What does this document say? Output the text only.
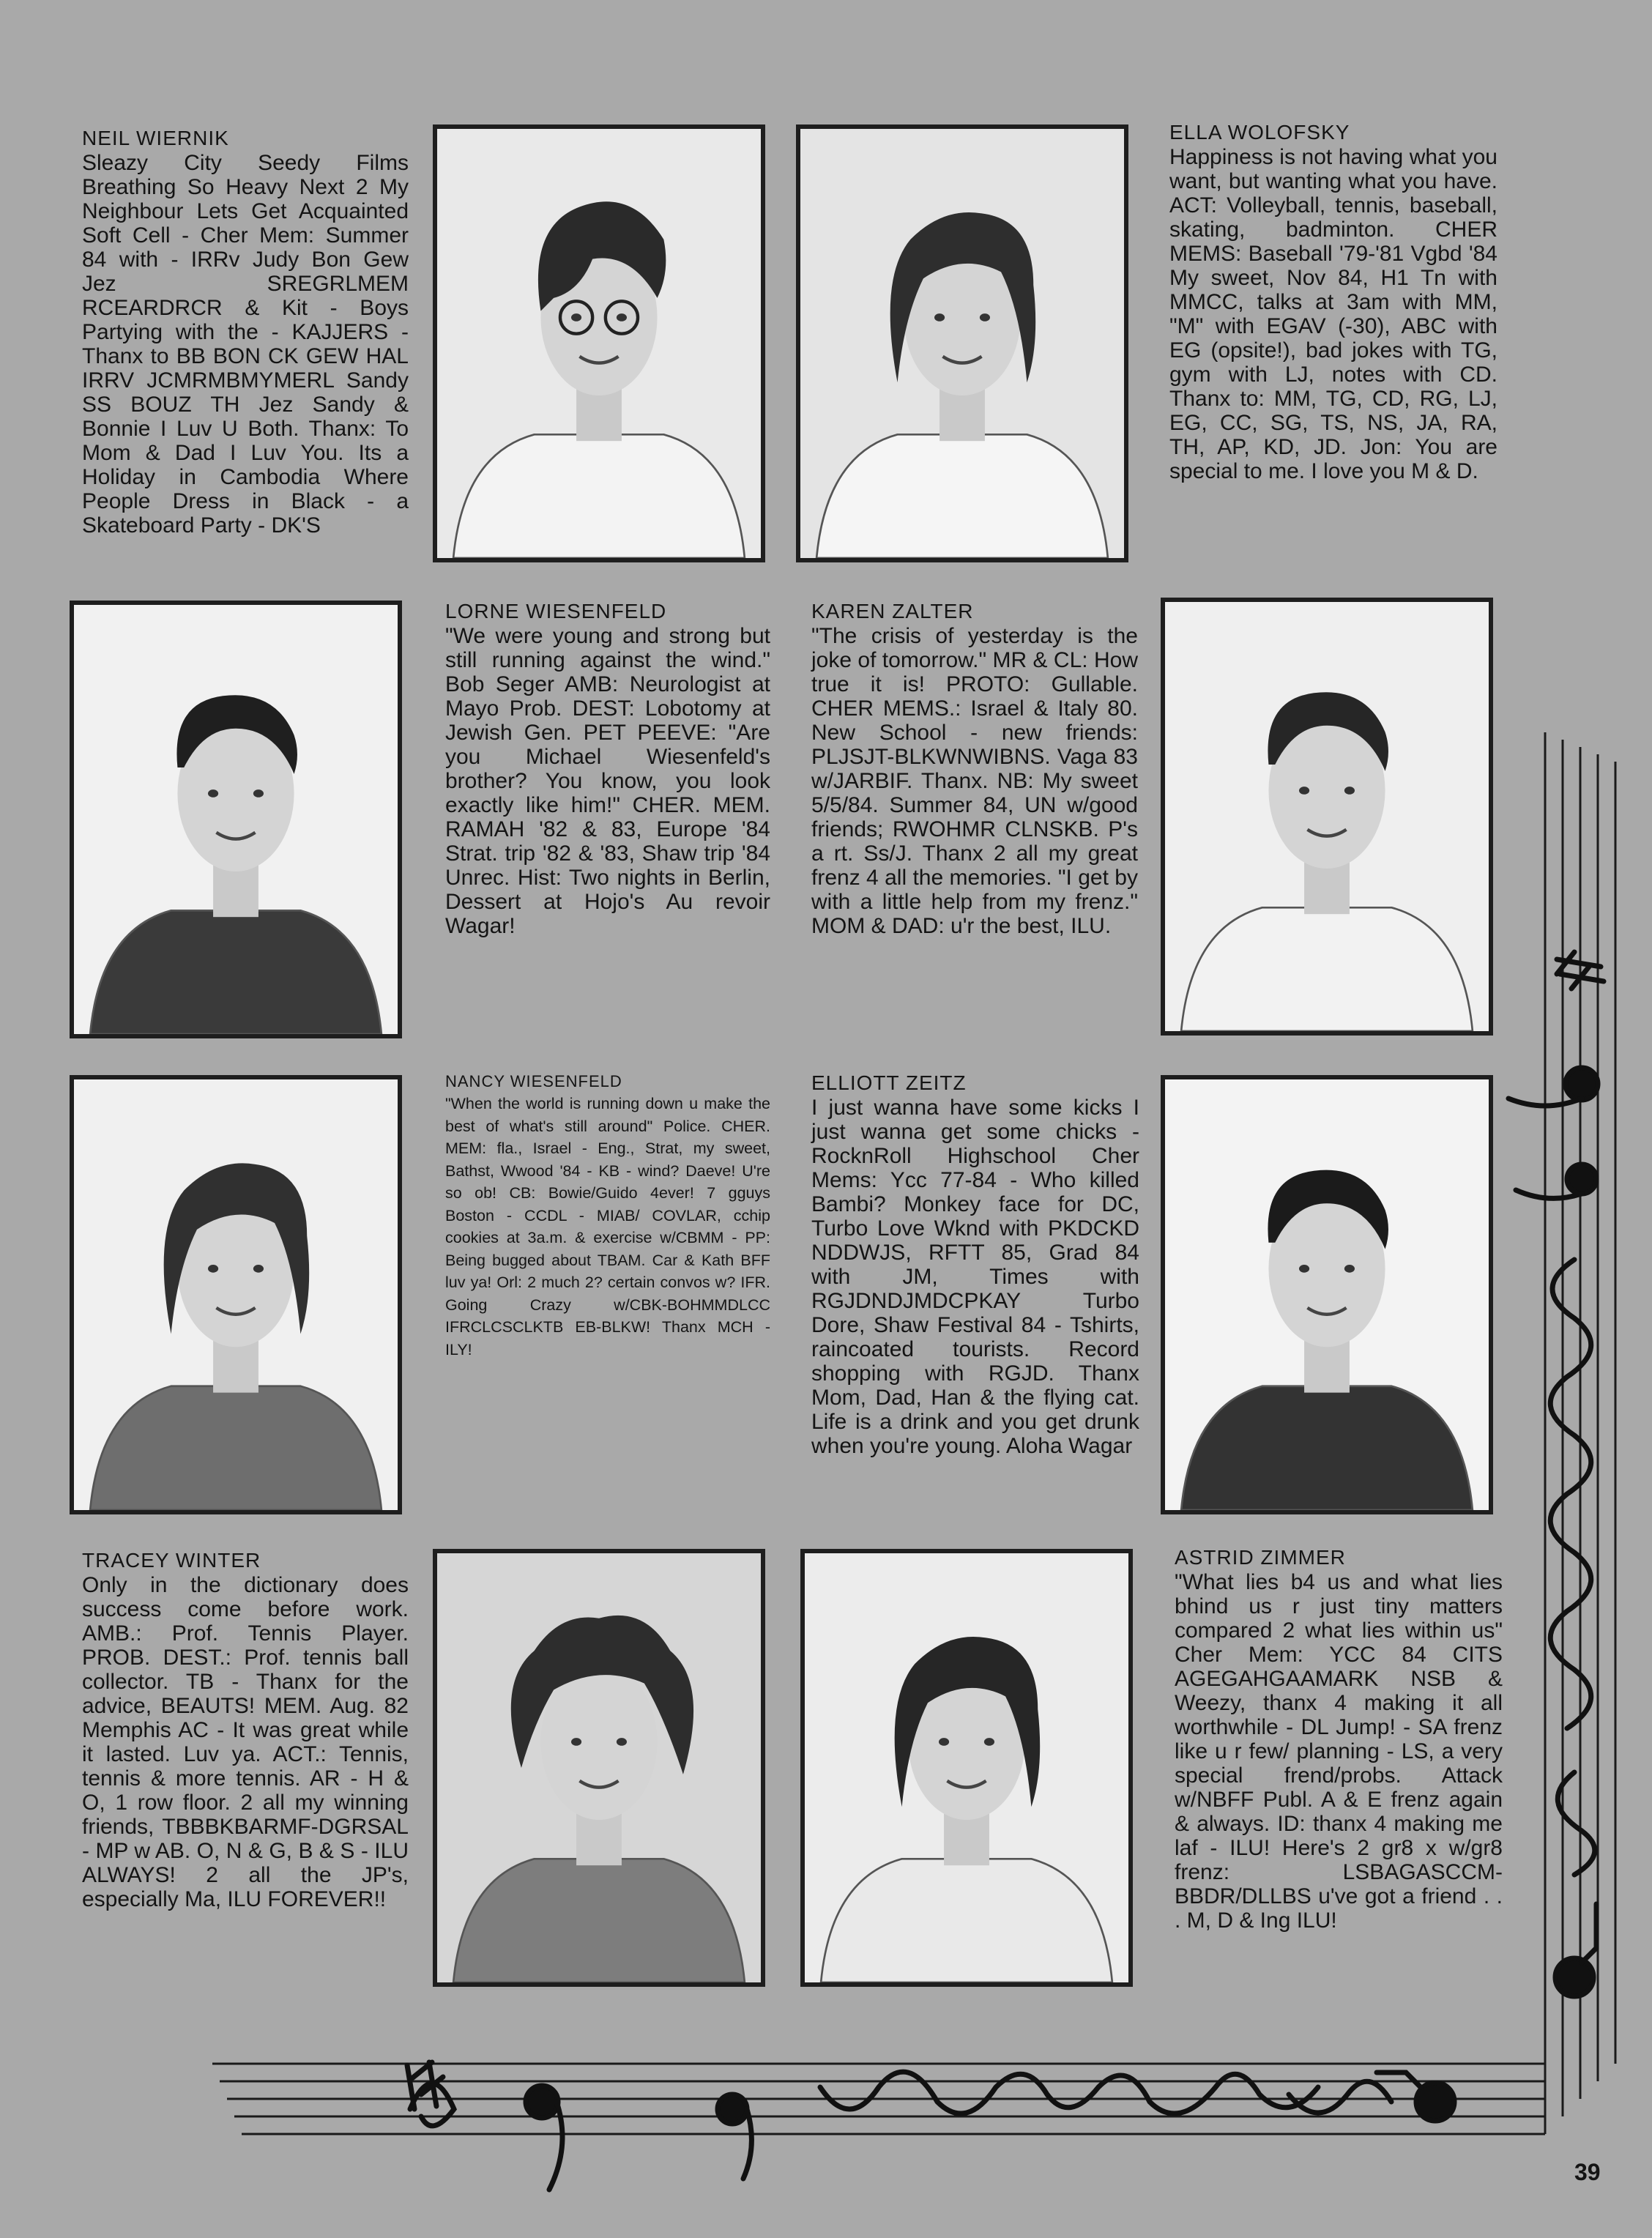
NEIL WIERNIK
Sleazy City Seedy Films Breathing So Heavy Next 2 My Neighbour Lets Get Acquainted Soft Cell - Cher Mem: Summer 84 with - IRRv Judy Bon Gew Jez SREGRLMEM RCEARDRCR & Kit - Boys Partying with the - KAJJERS - Thanx to BB BON CK GEW HAL IRRV JCMRMBMYMERL Sandy SS BOUZ TH Jez Sandy & Bonnie I Luv U Both. Thanx: To Mom & Dad I Luv You. Its a Holiday in Cambodia Where People Dress in Black - a Skateboard Party - DK'S
ELLA WOLOFSKY
Happiness is not having what you want, but wanting what you have. ACT: Volleyball, tennis, baseball, skating, badminton. CHER MEMS: Baseball '79-'81 Vgbd '84 My sweet, Nov 84, H1 Tn with MMCC, talks at 3am with MM, "M" with EGAV (-30), ABC with EG (opsite!), bad jokes with TG, gym with LJ, notes with CD. Thanx to: MM, TG, CD, RG, LJ, EG, CC, SG, TS, NS, JA, RA, TH, AP, KD, JD. Jon: You are special to me. I love you M & D.
LORNE WIESENFELD
"We were young and strong but still running against the wind." Bob Seger AMB: Neurologist at Mayo Prob. DEST: Lobotomy at Jewish Gen. PET PEEVE: "Are you Michael Wiesenfeld's brother? You know, you look exactly like him!" CHER. MEM. RAMAH '82 & 83, Europe '84 Strat. trip '82 & '83, Shaw trip '84 Unrec. Hist: Two nights in Berlin, Dessert at Hojo's Au revoir Wagar!
KAREN ZALTER
"The crisis of yesterday is the joke of tomorrow." MR & CL: How true it is! PROTO: Gullable. CHER MEMS.: Israel & Italy 80. New School - new friends: PLJSJT-BLKWNWIBNS. Vaga 83 w/JARBIF. Thanx. NB: My sweet 5/5/84. Summer 84, UN w/good friends; RWOHMR CLNSKB. P's a rt. Ss/J. Thanx 2 all my great frenz 4 all the memories. "I get by with a little help from my frenz." MOM & DAD: u'r the best, ILU.
NANCY WIESENFELD
"When the world is running down u make the best of what's still around" Police. CHER. MEM: fla., Israel - Eng., Strat, my sweet, Bathst, Wwood '84 - KB - wind? Daeve! U're so ob! CB: Bowie/Guido 4ever! 7 gguys Boston - CCDL - MIAB/ COVLAR, cchip cookies at 3a.m. & exercise w/CBMM - PP: Being bugged about TBAM. Car & Kath BFF luv ya! Orl: 2 much 2? certain convos w? IFR. Going Crazy w/CBK-BOHMMDLCC IFRCLCSCLKTB EB-BLKW! Thanx MCH - ILY!
ELLIOTT ZEITZ
I just wanna have some kicks I just wanna get some chicks - RocknRoll Highschool Cher Mems: Ycc 77-84 - Who killed Bambi? Monkey face for DC, Turbo Love Wknd with PKDCKD NDDWJS, RFTT 85, Grad 84 with JM, Times with RGJDNDJMDCPKAY Turbo Dore, Shaw Festival 84 - Tshirts, raincoated tourists. Record shopping with RGJD. Thanx Mom, Dad, Han & the flying cat. Life is a drink and you get drunk when you're young. Aloha Wagar
TRACEY WINTER
Only in the dictionary does success come before work. AMB.: Prof. Tennis Player. PROB. DEST.: Prof. tennis ball collector. TB - Thanx for the advice, BEAUTS! MEM. Aug. 82 Memphis AC - It was great while it lasted. Luv ya. ACT.: Tennis, tennis & more tennis. AR - H & O, 1 row floor. 2 all my winning friends, TBBBKBARMF-DGRSAL - MP w AB. O, N & G, B & S - ILU ALWAYS! 2 all the JP's, especially Ma, ILU FOREVER!!
ASTRID ZIMMER
"What lies b4 us and what lies bhind us r just tiny matters compared 2 what lies within us" Cher Mem: YCC 84 CITS AGEGAHGAAMARK NSB & Weezy, thanx 4 making it all worthwhile - DL Jump! - SA frenz like u r few/ planning - LS, a very special frend/probs. Attack w/NBFF Publ. A & E frenz again & always. ID: thanx 4 making me laf - ILU! Here's 2 gr8 x w/gr8 frenz: LSBAGASCCM-BBDR/DLLBS u've got a friend . . . M, D & Ing ILU!
39
